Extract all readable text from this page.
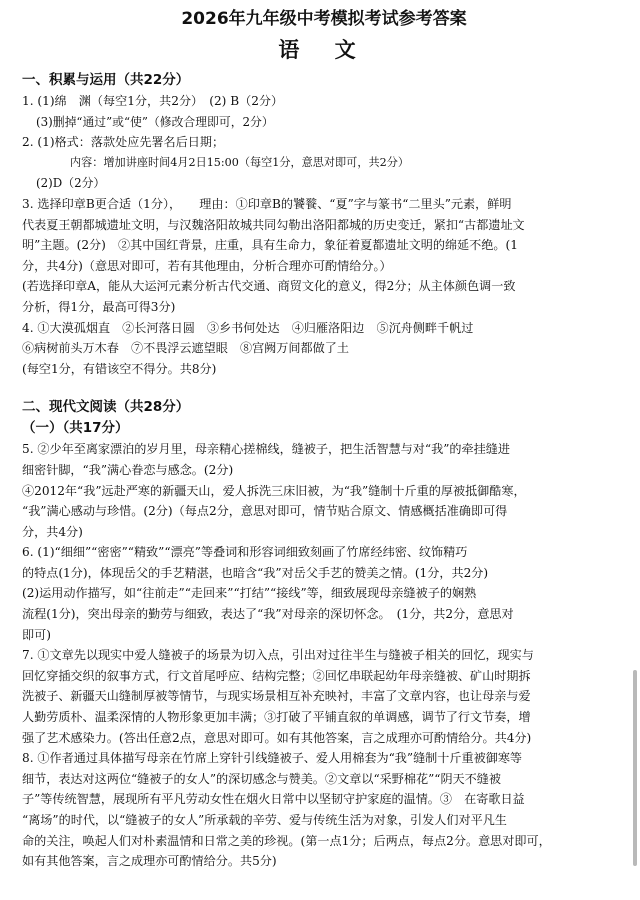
2026年九年级中考模拟考试参考答案
语 文
一、积累与运用（共22分）
1. (1)绵　渊（每空1分，共2分）　(2) B（2分）
(3)删掉“通过”或“使”（修改合理即可，2分）
2. (1)格式：落款处应先署名后日期；
内容：增加讲座时间4月2日15:00（每空1分，意思对即可，共2分）
(2)D（2分）
3. 选择印章B更合适（1分），　　理由：①印章B的饕餮、“夏”字与篆书“二里头”元素，鲜明
代表夏王朝都城遗址文明，与汉魏洛阳故城共同勾勒出洛阳都城的历史变迁，紧扣“古都遗址文
明”主题。(2分)　②其中国红背景，庄重，具有生命力，象征着夏都遗址文明的绵延不绝。(1
分，共4分)（意思对即可，若有其他理由，分析合理亦可酌情给分。）
(若选择印章A，能从大运河元素分析古代交通、商贸文化的意义，得2分；从主体颜色调一致
分析，得1分，最高可得3分)
4. ①大漠孤烟直　②长河落日圆　③乡书何处达　④归雁洛阳边　⑤沉舟侧畔千帆过
⑥病树前头万木春　⑦不畏浮云遮望眼　⑧宫阙万间都做了土
(每空1分，有错该空不得分。共8分)
二、现代文阅读（共28分）
（一）（共17分）
5. ②少年至离家漂泊的岁月里，母亲精心搓棉线，缝被子，把生活智慧与对“我”的牵挂缝进
细密针脚，“我”满心眷恋与感念。(2分)
④2012年“我”远赴严寒的新疆天山，爱人拆洗三床旧被，为“我”缝制十斤重的厚被抵御酷寒，
“我”满心感动与珍惜。(2分)（每点2分，意思对即可，情节贴合原文、情感概括准确即可得
分，共4分)
6. (1)“细细”“密密”“精致”“漂亮”等叠词和形容词细致刻画了竹席经纬密、纹饰精巧
的特点(1分)，体现岳父的手艺精湛，也暗含“我”对岳父手艺的赞美之情。(1分，共2分)
(2)运用动作描写，如“往前走”“走回来”“打结”“接线”等，细致展现母亲缝被子的娴熟
流程(1分)，突出母亲的勤劳与细致，表达了“我”对母亲的深切怀念。　(1分，共2分，意思对
即可)
7. ①文章先以现实中爱人缝被子的场景为切入点，引出对过往半生与缝被子相关的回忆，现实与
回忆穿插交织的叙事方式，行文首尾呼应、结构完整；②回忆串联起幼年母亲缝被、矿山时期拆
洗被子、新疆天山缝制厚被等情节，与现实场景相互补充映衬，丰富了文章内容，也让母亲与爱
人勤劳质朴、温柔深情的人物形象更加丰满；③打破了平铺直叙的单调感，调节了行文节奏，增
强了艺术感染力。(答出任意2点，意思对即可。如有其他答案，言之成理亦可酌情给分。共4分)
8. ①作者通过具体描写母亲在竹席上穿针引线缝被子、爱人用棉套为“我”缝制十斤重被御寒等
细节，表达对这两位“缝被子的女人”的深切感念与赞美。②文章以“采野棉花”“阴天不缝被
子”等传统智慧，展现所有平凡劳动女性在烟火日常中以坚韧守护家庭的温情。③　在寄歌日益
“离场”的时代，以“缝被子的女人”所承载的辛劳、爱与传统生活为对象，引发人们对平凡生
命的关注，唤起人们对朴素温情和日常之美的珍视。(第一点1分；后两点，每点2分。意思对即可，
如有其他答案，言之成理亦可酌情给分。共5分)
